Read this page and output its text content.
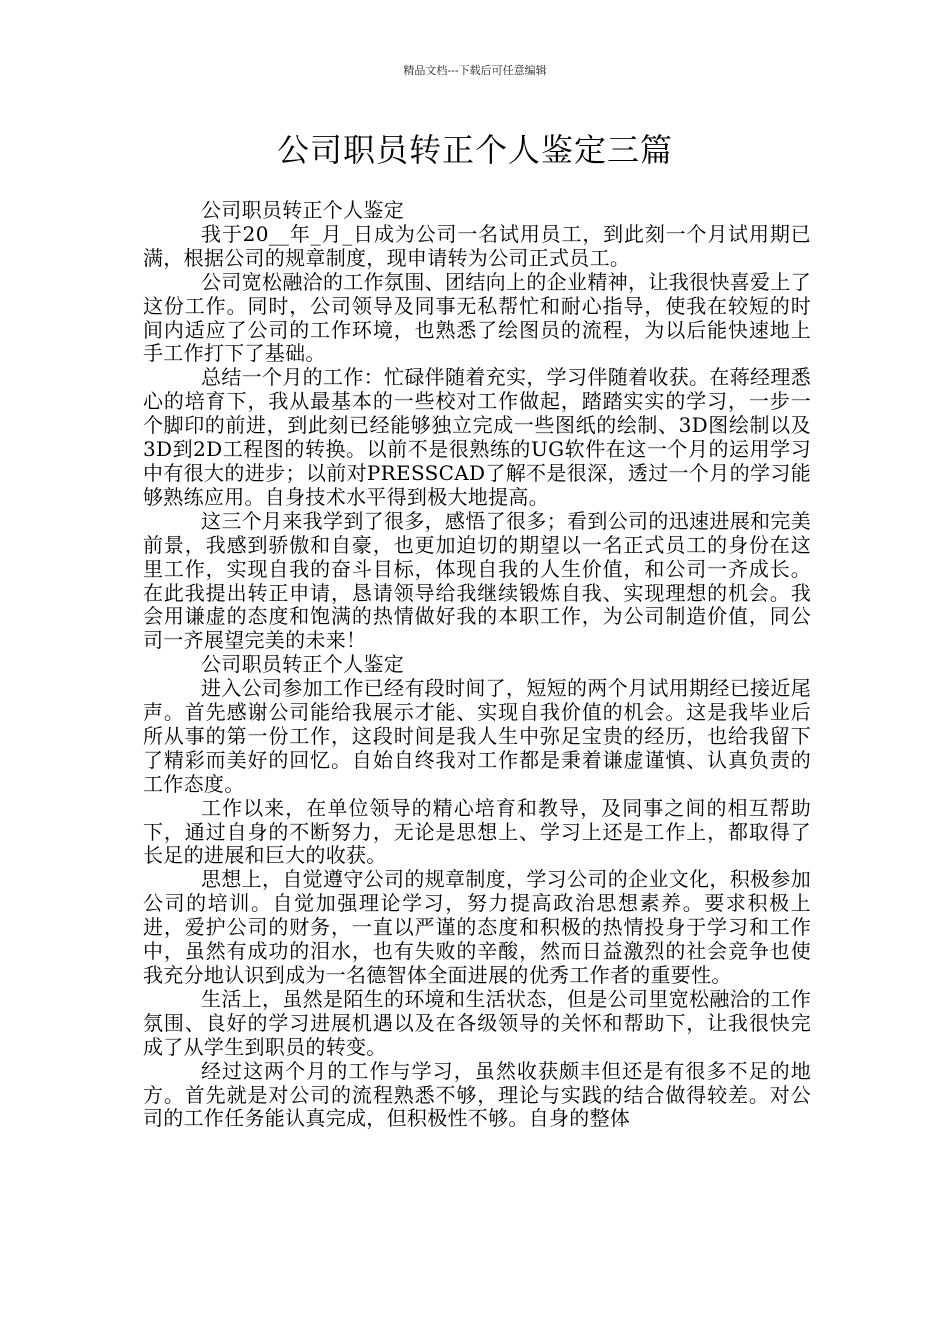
精品文档---下载后可任意编辑
公司职员转正个人鉴定三篇

公司职员转正个人鉴定

我于20__年_月_日成为公司一名试用员工，到此刻一个月试用期已满，根据公司的规章制度，现申请转为公司正式员工。

公司宽松融洽的工作氛围、团结向上的企业精神，让我很快喜爱上了这份工作。同时，公司领导及同事无私帮忙和耐心指导，使我在较短的时间内适应了公司的工作环境，也熟悉了绘图员的流程，为以后能快速地上手工作打下了基础。

总结一个月的工作：忙碌伴随着充实，学习伴随着收获。在蒋经理悉心的培育下，我从最基本的一些校对工作做起，踏踏实实的学习，一步一个脚印的前进，到此刻已经能够独立完成一些图纸的绘制、3D图绘制以及3D到2D工程图的转换。以前不是很熟练的UG软件在这一个月的运用学习中有很大的进步；以前对PRESSCAD了解不是很深，透过一个月的学习能够熟练应用。自身技术水平得到极大地提高。

这三个月来我学到了很多，感悟了很多；看到公司的迅速进展和完美前景，我感到骄傲和自豪，也更加迫切的期望以一名正式员工的身份在这里工作，实现自我的奋斗目标，体现自我的人生价值，和公司一齐成长。在此我提出转正申请，恳请领导给我继续锻炼自我、实现理想的机会。我会用谦虚的态度和饱满的热情做好我的本职工作，为公司制造价值，同公司一齐展望完美的未来！

公司职员转正个人鉴定

进入公司参加工作已经有段时间了，短短的两个月试用期经已接近尾声。首先感谢公司能给我展示才能、实现自我价值的机会。这是我毕业后所从事的第一份工作，这段时间是我人生中弥足宝贵的经历，也给我留下了精彩而美好的回忆。自始自终我对工作都是秉着谦虚谨慎、认真负责的工作态度。

工作以来，在单位领导的精心培育和教导，及同事之间的相互帮助下，通过自身的不断努力，无论是思想上、学习上还是工作上，都取得了长足的进展和巨大的收获。

思想上，自觉遵守公司的规章制度，学习公司的企业文化，积极参加公司的培训。自觉加强理论学习，努力提高政治思想素养。要求积极上进，爱护公司的财务，一直以严谨的态度和积极的热情投身于学习和工作中，虽然有成功的泪水，也有失败的辛酸，然而日益激烈的社会竞争也使我充分地认识到成为一名德智体全面进展的优秀工作者的重要性。

生活上，虽然是陌生的环境和生活状态，但是公司里宽松融洽的工作氛围、良好的学习进展机遇以及在各级领导的关怀和帮助下，让我很快完成了从学生到职员的转变。

经过这两个月的工作与学习，虽然收获颇丰但还是有很多不足的地方。首先就是对公司的流程熟悉不够，理论与实践的结合做得较差。对公司的工作任务能认真完成，但积极性不够。自身的整体
